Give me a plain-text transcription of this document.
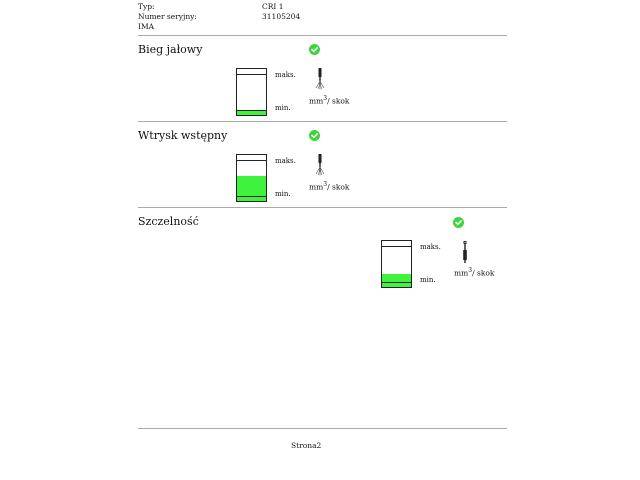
Typ:	CRI 1
Numer seryjny:	31105204
IMA
Bieg jałowy
maks.
min.
$mm^3/$ skok
Wtrysk wstępny
maks.
min.
$mm^3/$ skok
Szczelność
maks.
min.
$mm^3/$ skok
Strona2
